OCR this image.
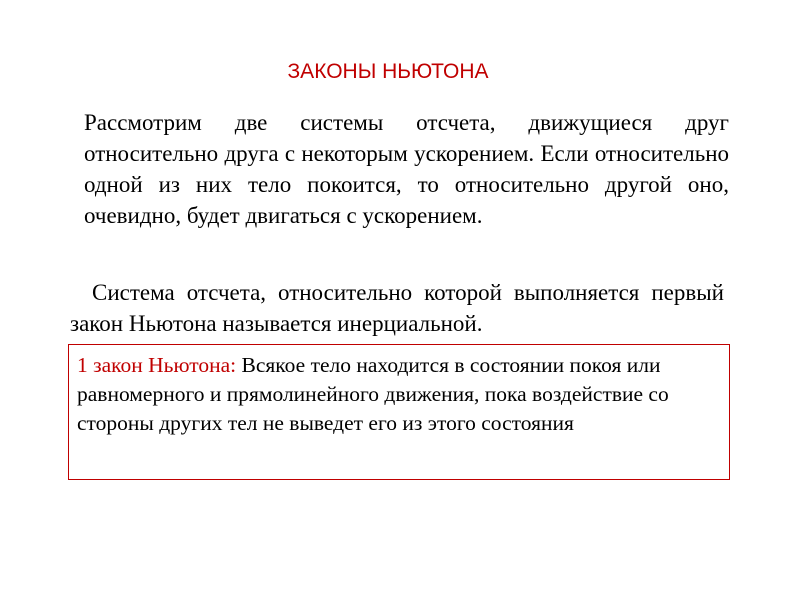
ЗАКОНЫ НЬЮТОНА

Рассмотрим две системы отсчета, движущиеся друг относительно друга с некоторым ускорением. Если относительно одной из них тело покоится, то относительно другой оно, очевидно, будет двигаться с ускорением.

Система отсчета, относительно которой выполняется первый закон Ньютона называется инерциальной.

1 закон Ньютона: Всякое тело находится в состоянии покоя или равномерного и прямолинейного движения, пока воздействие со стороны других тел не выведет его из этого состояния
